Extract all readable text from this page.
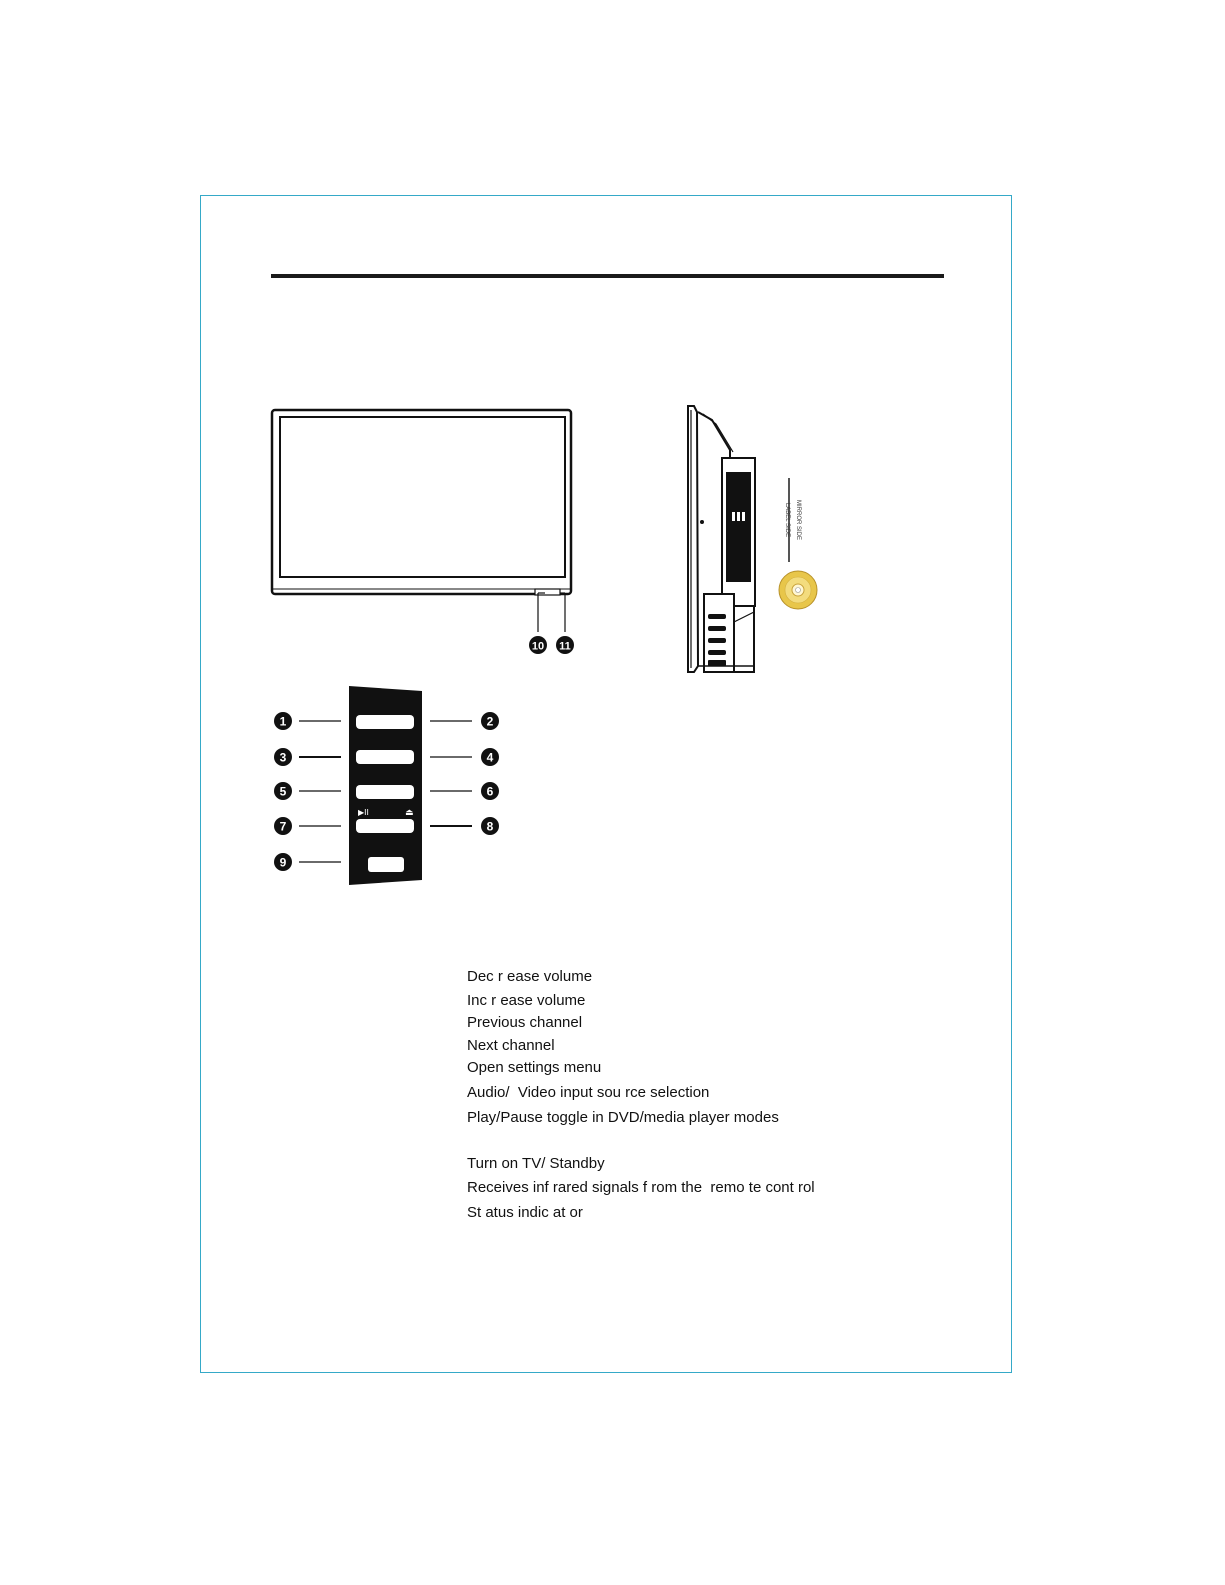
10 11
LABEL SIDE MIRROR SIDE
▶II	⏏
1
3
5
7
9
2
4
6
8
Dec r ease volume
Inc r ease volume
Previous channel
Next channel
Open settings menu
Audio/  Video input sou rce selection
Play/Pause toggle in DVD/media player modes
Turn on TV/ Standby
Receives inf rared signals f rom the  remo te cont rol
St atus indic at or
